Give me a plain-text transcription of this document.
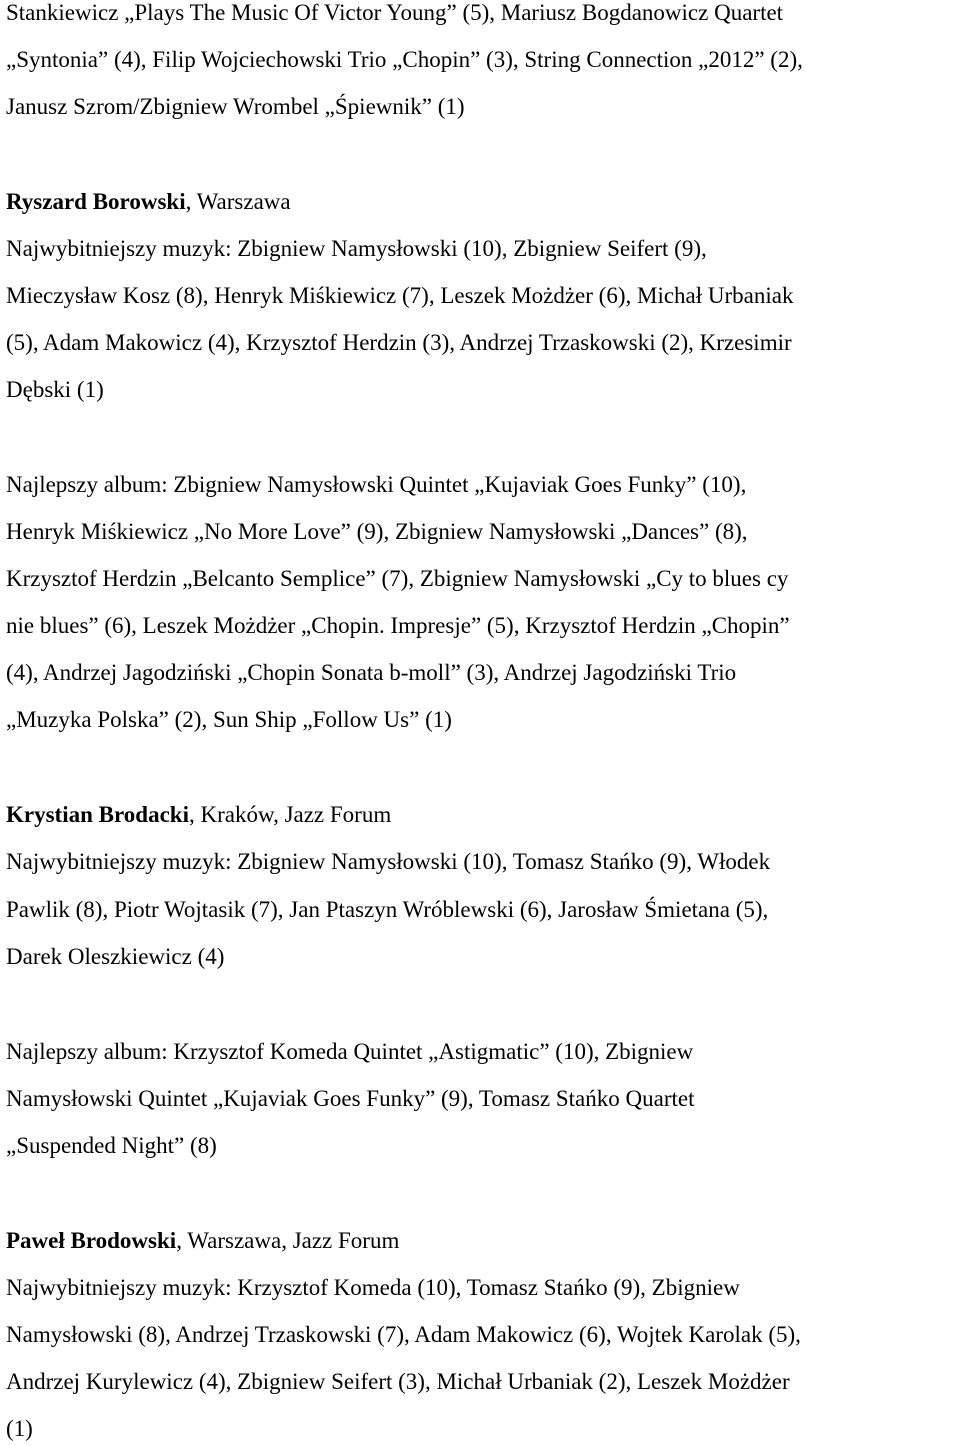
Stankiewicz „Plays The Music Of Victor Young” (5), Mariusz Bogdanowicz Quartet
„Syntonia” (4), Filip Wojciechowski Trio „Chopin” (3), String Connection „2012” (2),
Janusz Szrom/Zbigniew Wrombel „Śpiewnik” (1)
Ryszard Borowski, Warszawa
Najwybitniejszy muzyk: Zbigniew Namysłowski (10), Zbigniew Seifert (9),
Mieczysław Kosz (8), Henryk Miśkiewicz (7), Leszek Możdżer (6), Michał Urbaniak
(5), Adam Makowicz (4), Krzysztof Herdzin (3), Andrzej Trzaskowski (2), Krzesimir
Dębski (1)
Najlepszy album: Zbigniew Namysłowski Quintet „Kujaviak Goes Funky” (10),
Henryk Miśkiewicz „No More Love” (9), Zbigniew Namysłowski „Dances” (8),
Krzysztof Herdzin „Belcanto Semplice” (7), Zbigniew Namysłowski „Cy to blues cy
nie blues” (6), Leszek Możdżer „Chopin. Impresje” (5), Krzysztof Herdzin „Chopin”
(4), Andrzej Jagodziński „Chopin Sonata b-moll” (3), Andrzej Jagodziński Trio
„Muzyka Polska” (2), Sun Ship „Follow Us” (1)
Krystian Brodacki, Kraków, Jazz Forum
Najwybitniejszy muzyk: Zbigniew Namysłowski (10), Tomasz Stańko (9), Włodek
Pawlik (8), Piotr Wojtasik (7), Jan Ptaszyn Wróblewski (6), Jarosław Śmietana (5),
Darek Oleszkiewicz (4)
Najlepszy album: Krzysztof Komeda Quintet „Astigmatic” (10), Zbigniew
Namysłowski Quintet „Kujaviak Goes Funky” (9), Tomasz Stańko Quartet
„Suspended Night” (8)
Paweł Brodowski, Warszawa, Jazz Forum
Najwybitniejszy muzyk: Krzysztof Komeda (10), Tomasz Stańko (9), Zbigniew
Namysłowski (8), Andrzej Trzaskowski (7), Adam Makowicz (6), Wojtek Karolak (5),
Andrzej Kurylewicz (4), Zbigniew Seifert (3), Michał Urbaniak (2), Leszek Możdżer
(1)
